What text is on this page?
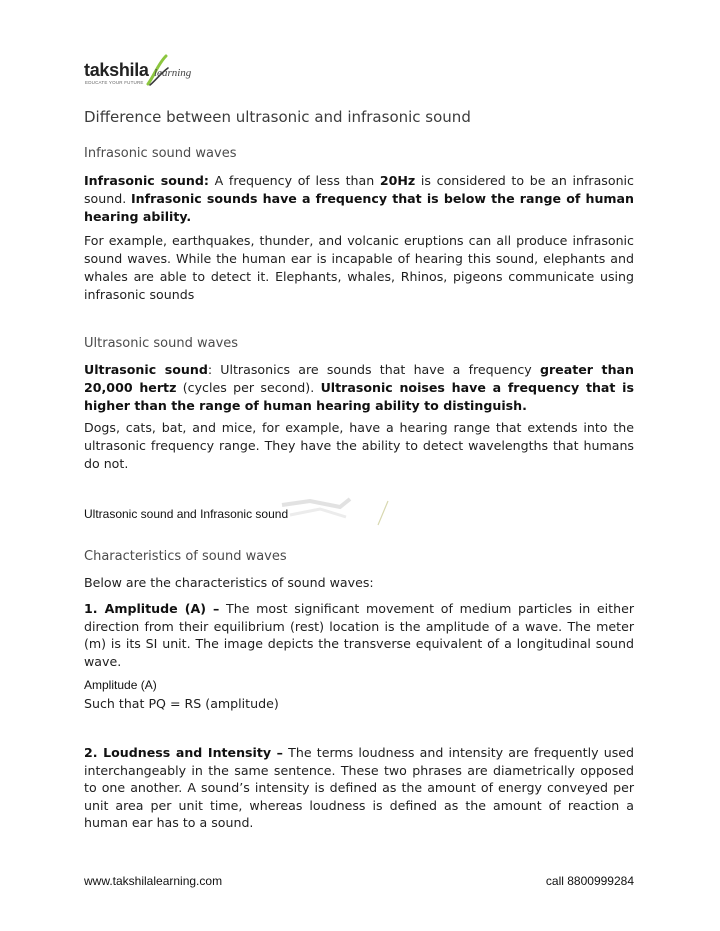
takshila learning
EDUCATE YOUR FUTURE
Difference between ultrasonic and infrasonic sound
Infrasonic sound waves

Infrasonic sound: A frequency of less than 20Hz is considered to be an infrasonic sound. Infrasonic sounds have a frequency that is below the range of human hearing ability.

For example, earthquakes, thunder, and volcanic eruptions can all produce infrasonic sound waves. While the human ear is incapable of hearing this sound, elephants and whales are able to detect it. Elephants, whales, Rhinos, pigeons communicate using infrasonic sounds

Ultrasonic sound waves

Ultrasonic sound: Ultrasonics are sounds that have a frequency greater than 20,000 hertz (cycles per second). Ultrasonic noises have a frequency that is higher than the range of human hearing ability to distinguish.

Dogs, cats, bat, and mice, for example, have a hearing range that extends into the ultrasonic frequency range. They have the ability to detect wavelengths that humans do not.

Ultrasonic sound and Infrasonic sound

Characteristics of sound waves

Below are the characteristics of sound waves:

1. Amplitude (A) – The most significant movement of medium particles in either direction from their equilibrium (rest) location is the amplitude of a wave. The meter (m) is its SI unit. The image depicts the transverse equivalent of a longitudinal sound wave.

Amplitude (A)

Such that PQ = RS (amplitude)

2. Loudness and Intensity – The terms loudness and intensity are frequently used interchangeably in the same sentence. These two phrases are diametrically opposed to one another. A sound’s intensity is defined as the amount of energy conveyed per unit area per unit time, whereas loudness is defined as the amount of reaction a human ear has to a sound.

www.takshilalearning.com	call 8800999284
